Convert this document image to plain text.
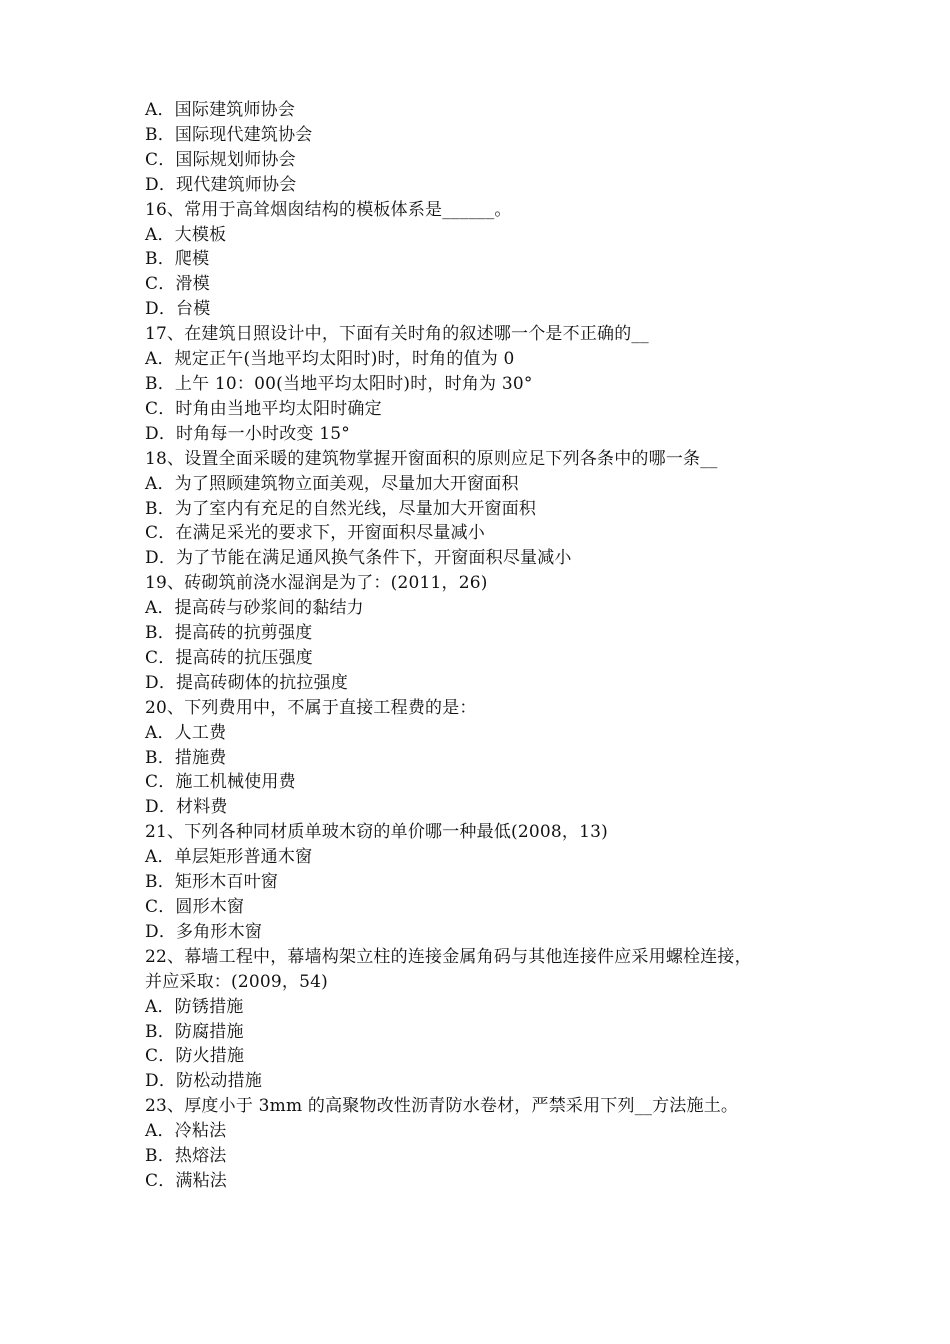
A．国际建筑师协会

B．国际现代建筑协会

C．国际规划师协会

D．现代建筑师协会

16、常用于高耸烟囱结构的模板体系是______。

A．大模板

B．爬模

C．滑模

D．台模

17、在建筑日照设计中，下面有关时角的叙述哪一个是不正确的__

A．规定正午(当地平均太阳时)时，时角的值为 0

B．上午 10：00(当地平均太阳时)时，时角为 30°

C．时角由当地平均太阳时确定

D．时角每一小时改变 15°

18、设置全面采暖的建筑物掌握开窗面积的原则应足下列各条中的哪一条__

A．为了照顾建筑物立面美观，尽量加大开窗面积

B．为了室内有充足的自然光线，尽量加大开窗面积

C．在满足采光的要求下，开窗面积尽量减小

D．为了节能在满足通风换气条件下，开窗面积尽量减小

19、砖砌筑前浇水湿润是为了：(2011，26)

A．提高砖与砂浆间的黏结力

B．提高砖的抗剪强度

C．提高砖的抗压强度

D．提高砖砌体的抗拉强度

20、下列费用中，不属于直接工程费的是：

A．人工费

B．措施费

C．施工机械使用费

D．材料费

21、下列各种同材质单玻木窃的单价哪一种最低(2008，13)

A．单层矩形普通木窗

B．矩形木百叶窗

C．圆形木窗

D．多角形木窗

22、幕墙工程中，幕墙构架立柱的连接金属角码与其他连接件应采用螺栓连接，

并应采取：(2009，54)

A．防锈措施

B．防腐措施

C．防火措施

D．防松动措施

23、厚度小于 3mm 的高聚物改性沥青防水卷材，严禁采用下列__方法施土。

A．冷粘法

B．热熔法

C．满粘法
